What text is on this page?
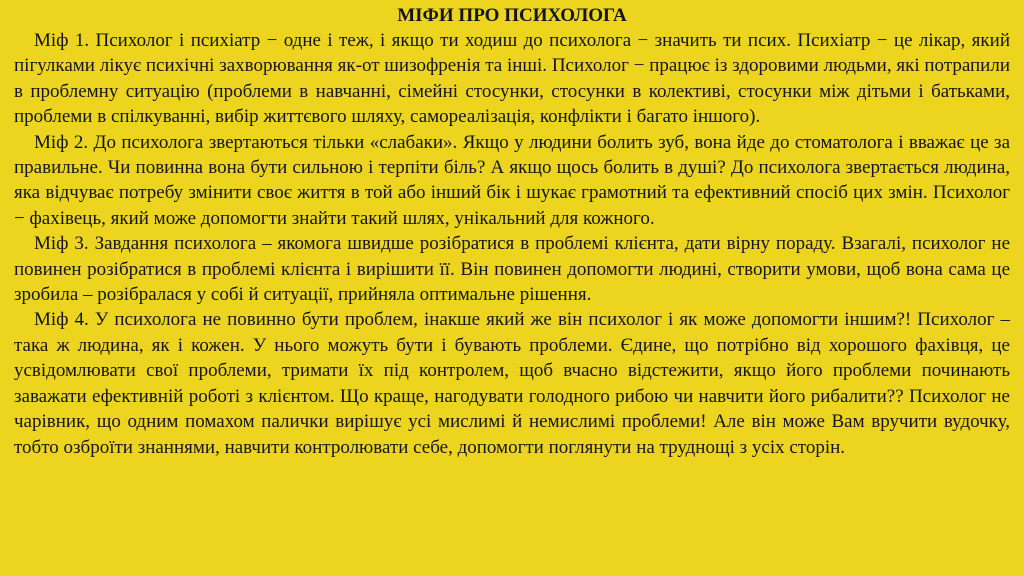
МІФИ ПРО ПСИХОЛОГА

Міф 1. Психолог і психіатр − одне і теж, і якщо ти ходиш до психолога − значить ти псих. Психіатр − це лікар, який пігулками лікує психічні захворювання як-от шизофренія та інші. Психолог − працює із здоровими людьми, які потрапили в проблемну ситуацію (проблеми в навчанні, сімейні стосунки, стосунки в колективі, стосунки між дітьми і батьками, проблеми в спілкуванні, вибір життєвого шляху, самореалізація, конфлікти і багато іншого).

Міф 2. До психолога звертаються тільки «слабаки». Якщо у людини болить зуб, вона йде до стоматолога і вважає це за правильне. Чи повинна вона бути сильною і терпіти біль? А якщо щось болить в душі? До психолога звертається людина, яка відчуває потребу змінити своє життя в той або інший бік і шукає грамотний та ефективний спосіб цих змін. Психолог − фахівець, який може допомогти знайти такий шлях, унікальний для кожного.

Міф 3. Завдання психолога – якомога швидше розібратися в проблемі клієнта, дати вірну пораду. Взагалі, психолог не повинен розібратися в проблемі клієнта і вирішити її. Він повинен допомогти людині, створити умови, щоб вона сама це зробила – розібралася у собі й ситуації, прийняла оптимальне рішення.

Міф 4. У психолога не повинно бути проблем, інакше який же він психолог і як може допомогти іншим?! Психолог – така ж людина, як і кожен. У нього можуть бути і бувають проблеми. Єдине, що потрібно від хорошого фахівця, це усвідомлювати свої проблеми, тримати їх під контролем, щоб вчасно відстежити, якщо його проблеми починають заважати ефективній роботі з клієнтом. Що краще, нагодувати голодного рибою чи навчити його рибалити?? Психолог не чарівник, що одним помахом палички вирішує усі мислимі й немислимі проблеми! Але він може Вам вручити вудочку, тобто озброїти знаннями, навчити контролювати себе, допомогти поглянути на труднощі з усіх сторін.
